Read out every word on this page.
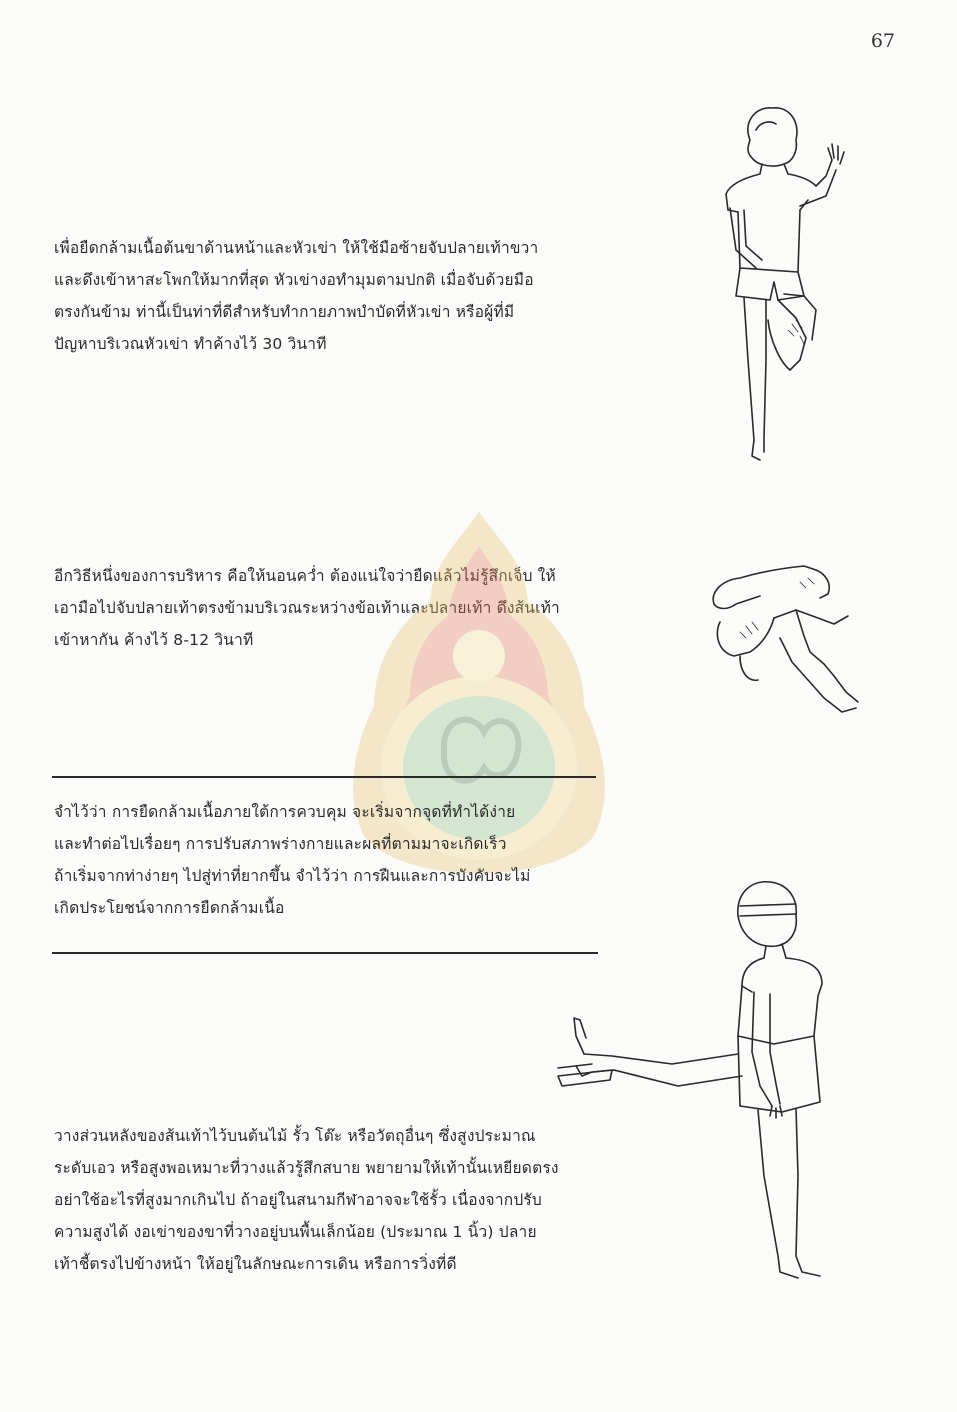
67
เพื่อยืดกล้ามเนื้อต้นขาด้านหน้าและหัวเข่า ให้ใช้มือซ้ายจับปลายเท้าขวา
และดึงเข้าหาสะโพกให้มากที่สุด หัวเข่างอทำมุมตามปกติ เมื่อจับด้วยมือ
ตรงกันข้าม ท่านี้เป็นท่าที่ดีสำหรับทำกายภาพบำบัดที่หัวเข่า หรือผู้ที่มี
ปัญหาบริเวณหัวเข่า ทำค้างไว้ 30 วินาที
อีกวิธีหนึ่งของการบริหาร คือให้นอนคว่ำ ต้องแน่ใจว่ายืดแล้วไม่รู้สึกเจ็บ ให้
เอามือไปจับปลายเท้าตรงข้ามบริเวณระหว่างข้อเท้าและปลายเท้า ดึงส้นเท้า
เข้าหากัน ค้างไว้ 8-12 วินาที
จำไว้ว่า การยืดกล้ามเนื้อภายใต้การควบคุม จะเริ่มจากจุดที่ทำได้ง่าย
และทำต่อไปเรื่อยๆ การปรับสภาพร่างกายและผลที่ตามมาจะเกิดเร็ว
ถ้าเริ่มจากท่าง่ายๆ ไปสู่ท่าที่ยากขึ้น จำไว้ว่า การฝืนและการบังคับจะไม่
เกิดประโยชน์จากการยืดกล้ามเนื้อ
วางส่วนหลังของส้นเท้าไว้บนต้นไม้ รั้ว โต๊ะ หรือวัตถุอื่นๆ ซึ่งสูงประมาณ
ระดับเอว หรือสูงพอเหมาะที่วางแล้วรู้สึกสบาย พยายามให้เท้านั้นเหยียดตรง
อย่าใช้อะไรที่สูงมากเกินไป ถ้าอยู่ในสนามกีฬาอาจจะใช้รั้ว เนื่องจากปรับ
ความสูงได้ งอเข่าของขาที่วางอยู่บนพื้นเล็กน้อย (ประมาณ 1 นิ้ว) ปลาย
เท้าชี้ตรงไปข้างหน้า ให้อยู่ในลักษณะการเดิน หรือการวิ่งที่ดี
